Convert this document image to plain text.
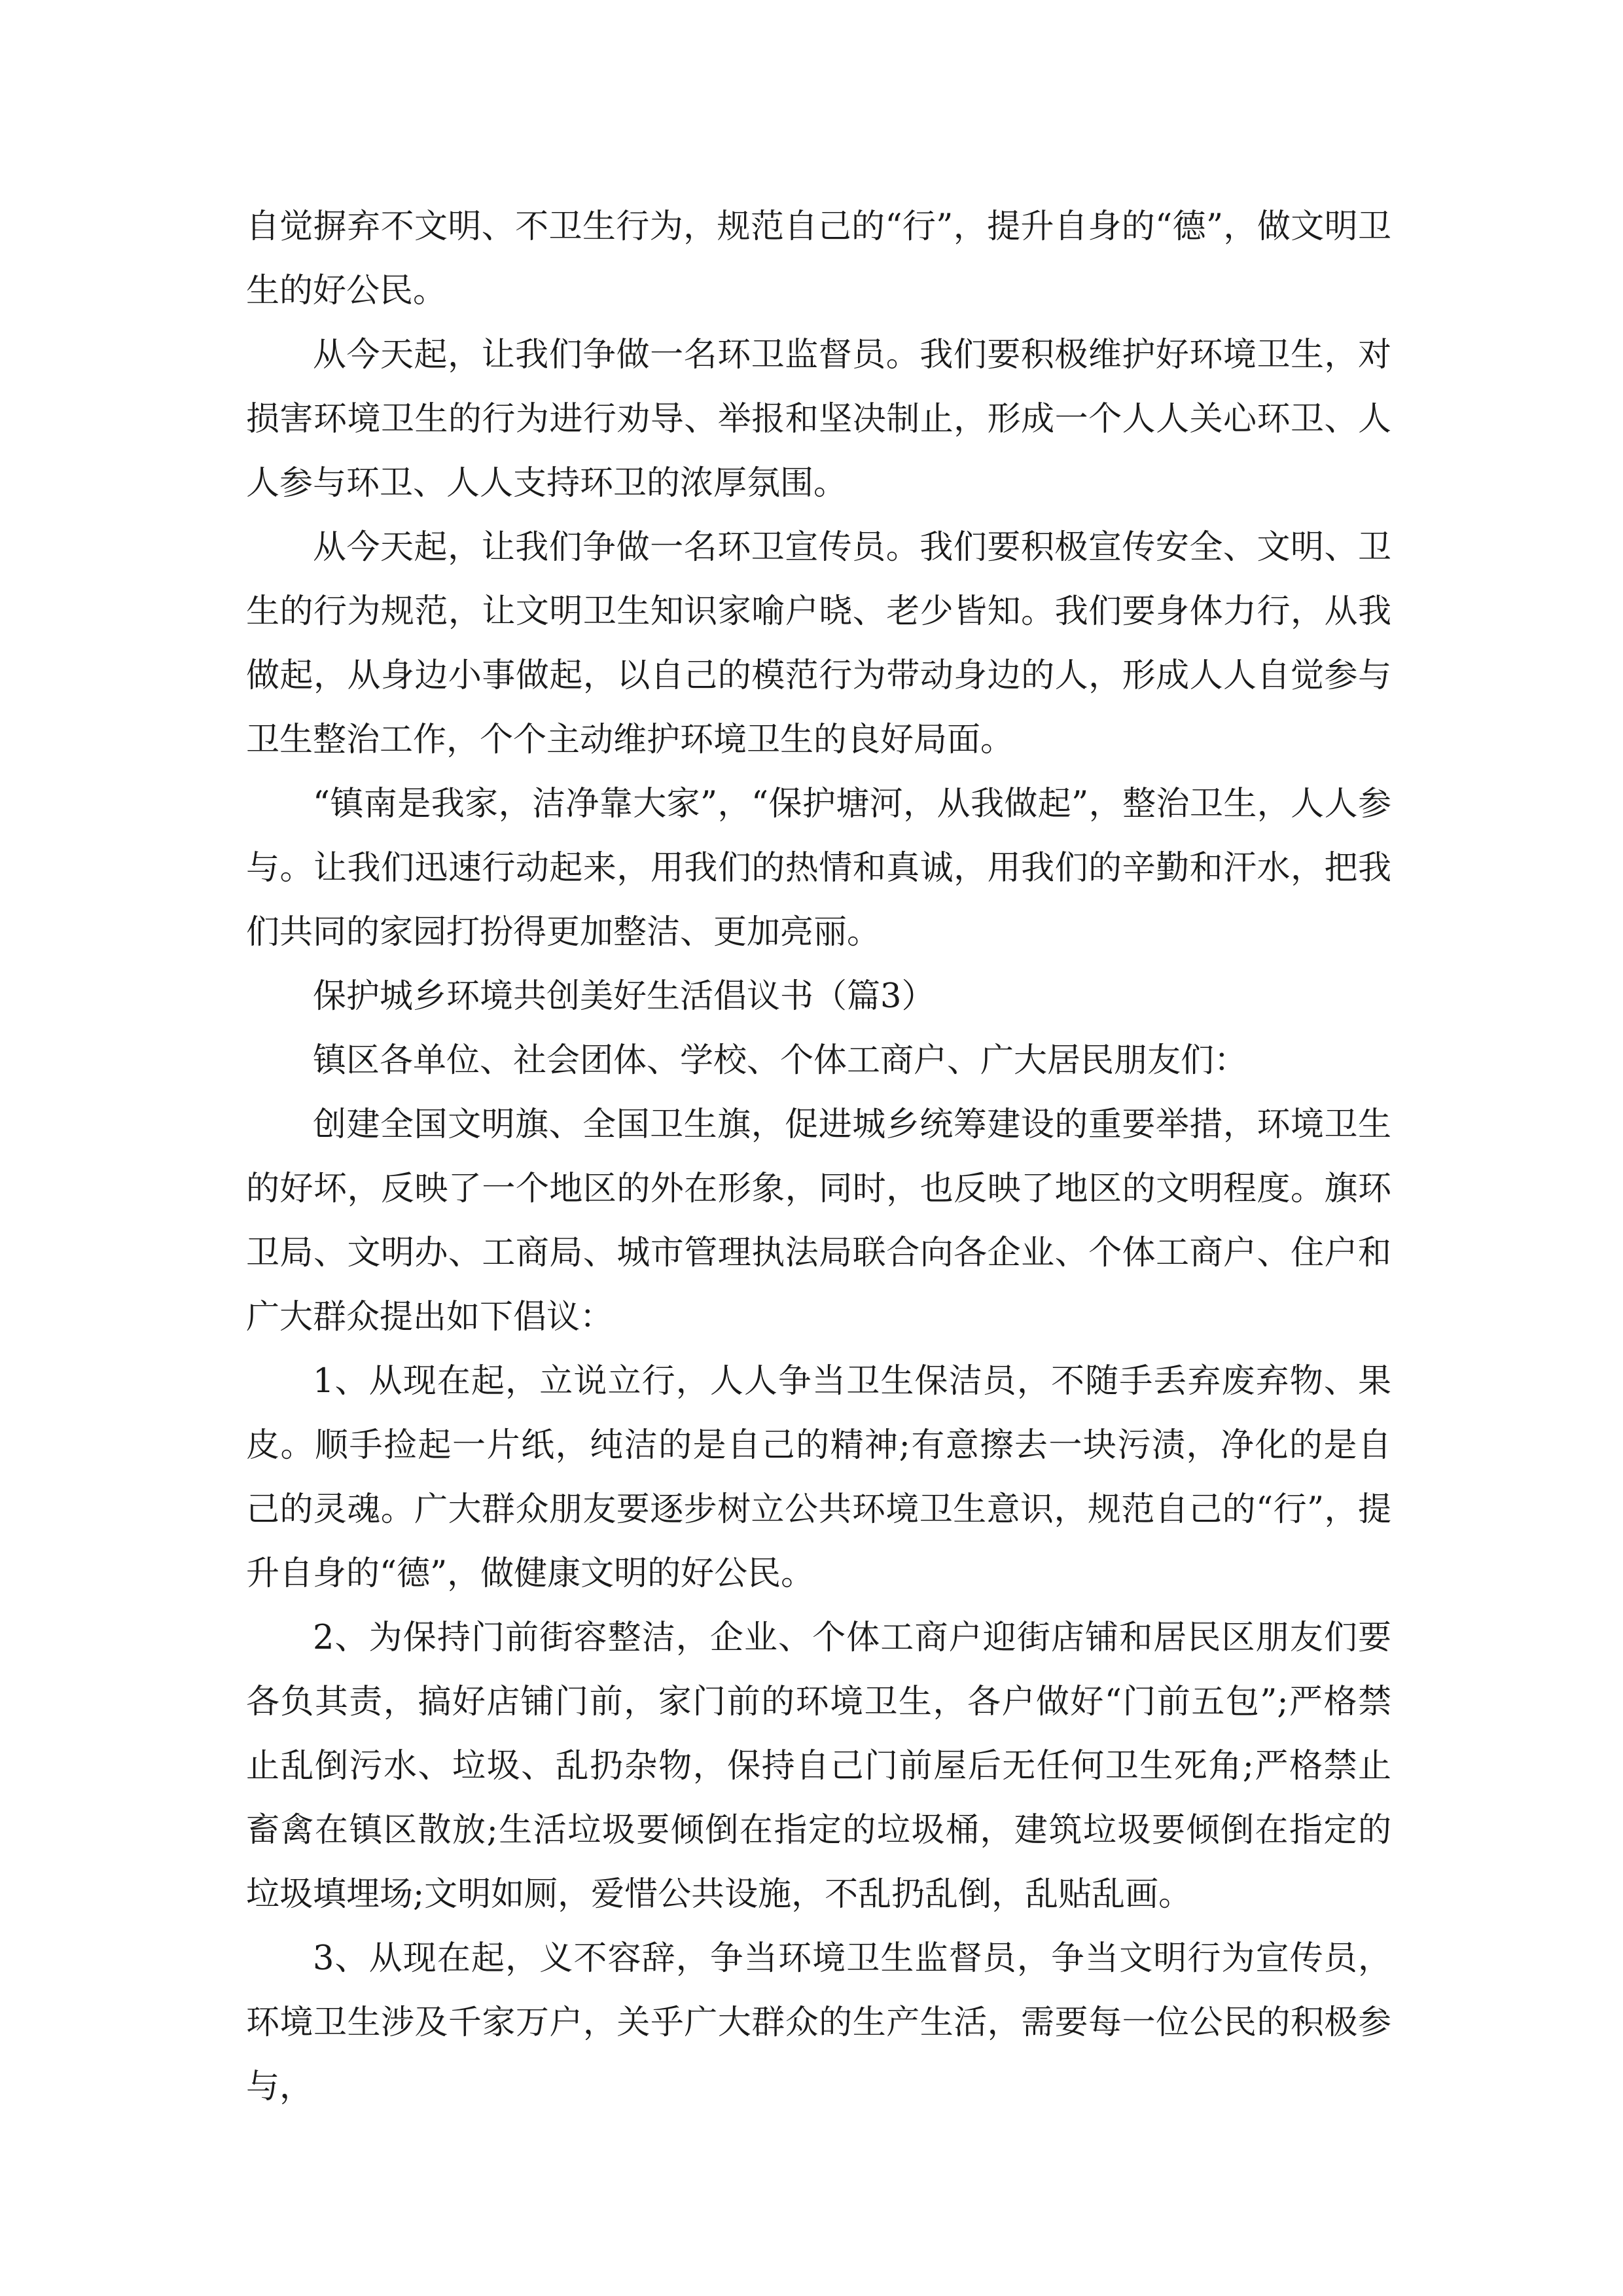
自觉摒弃不文明、不卫生行为，规范自己的“行”，提升自身的“德”，做文明卫生的好公民。

从今天起，让我们争做一名环卫监督员。我们要积极维护好环境卫生，对损害环境卫生的行为进行劝导、举报和坚决制止，形成一个人人关心环卫、人人参与环卫、人人支持环卫的浓厚氛围。

从今天起，让我们争做一名环卫宣传员。我们要积极宣传安全、文明、卫生的行为规范，让文明卫生知识家喻户晓、老少皆知。我们要身体力行，从我做起，从身边小事做起，以自己的模范行为带动身边的人，形成人人自觉参与卫生整治工作，个个主动维护环境卫生的良好局面。

“镇南是我家，洁净靠大家”，“保护塘河，从我做起”，整治卫生，人人参与。让我们迅速行动起来，用我们的热情和真诚，用我们的辛勤和汗水，把我们共同的家园打扮得更加整洁、更加亮丽。

保护城乡环境共创美好生活倡议书（篇3）

镇区各单位、社会团体、学校、个体工商户、广大居民朋友们：

创建全国文明旗、全国卫生旗，促进城乡统筹建设的重要举措，环境卫生的好坏，反映了一个地区的外在形象，同时，也反映了地区的文明程度。旗环卫局、文明办、工商局、城市管理执法局联合向各企业、个体工商户、住户和广大群众提出如下倡议：

1、从现在起，立说立行，人人争当卫生保洁员，不随手丢弃废弃物、果皮。顺手捡起一片纸，纯洁的是自己的精神;有意擦去一块污渍，净化的是自己的灵魂。广大群众朋友要逐步树立公共环境卫生意识，规范自己的“行”，提升自身的“德”，做健康文明的好公民。

2、为保持门前街容整洁，企业、个体工商户迎街店铺和居民区朋友们要各负其责，搞好店铺门前，家门前的环境卫生，各户做好“门前五包”;严格禁止乱倒污水、垃圾、乱扔杂物，保持自己门前屋后无任何卫生死角;严格禁止畜禽在镇区散放;生活垃圾要倾倒在指定的垃圾桶，建筑垃圾要倾倒在指定的垃圾填埋场;文明如厕，爱惜公共设施，不乱扔乱倒，乱贴乱画。

3、从现在起，义不容辞，争当环境卫生监督员，争当文明行为宣传员，环境卫生涉及千家万户，关乎广大群众的生产生活，需要每一位公民的积极参与，
